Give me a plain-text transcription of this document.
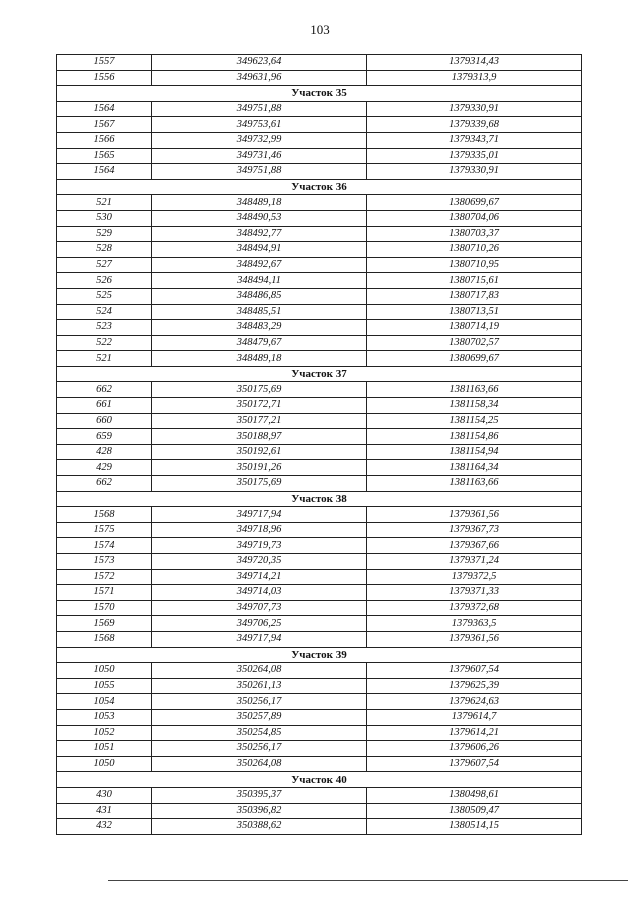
103
1557	349623,64	1379314,43
1556	349631,96	1379313,9
Участок 35		
1564	349751,88	1379330,91
1567	349753,61	1379339,68
1566	349732,99	1379343,71
1565	349731,46	1379335,01
1564	349751,88	1379330,91
Участок 36		
521	348489,18	1380699,67
530	348490,53	1380704,06
529	348492,77	1380703,37
528	348494,91	1380710,26
527	348492,67	1380710,95
526	348494,11	1380715,61
525	348486,85	1380717,83
524	348485,51	1380713,51
523	348483,29	1380714,19
522	348479,67	1380702,57
521	348489,18	1380699,67
Участок 37		
662	350175,69	1381163,66
661	350172,71	1381158,34
660	350177,21	1381154,25
659	350188,97	1381154,86
428	350192,61	1381154,94
429	350191,26	1381164,34
662	350175,69	1381163,66
Участок 38		
1568	349717,94	1379361,56
1575	349718,96	1379367,73
1574	349719,73	1379367,66
1573	349720,35	1379371,24
1572	349714,21	1379372,5
1571	349714,03	1379371,33
1570	349707,73	1379372,68
1569	349706,25	1379363,5
1568	349717,94	1379361,56
Участок 39		
1050	350264,08	1379607,54
1055	350261,13	1379625,39
1054	350256,17	1379624,63
1053	350257,89	1379614,7
1052	350254,85	1379614,21
1051	350256,17	1379606,26
1050	350264,08	1379607,54
Участок 40		
430	350395,37	1380498,61
431	350396,82	1380509,47
432	350388,62	1380514,15
